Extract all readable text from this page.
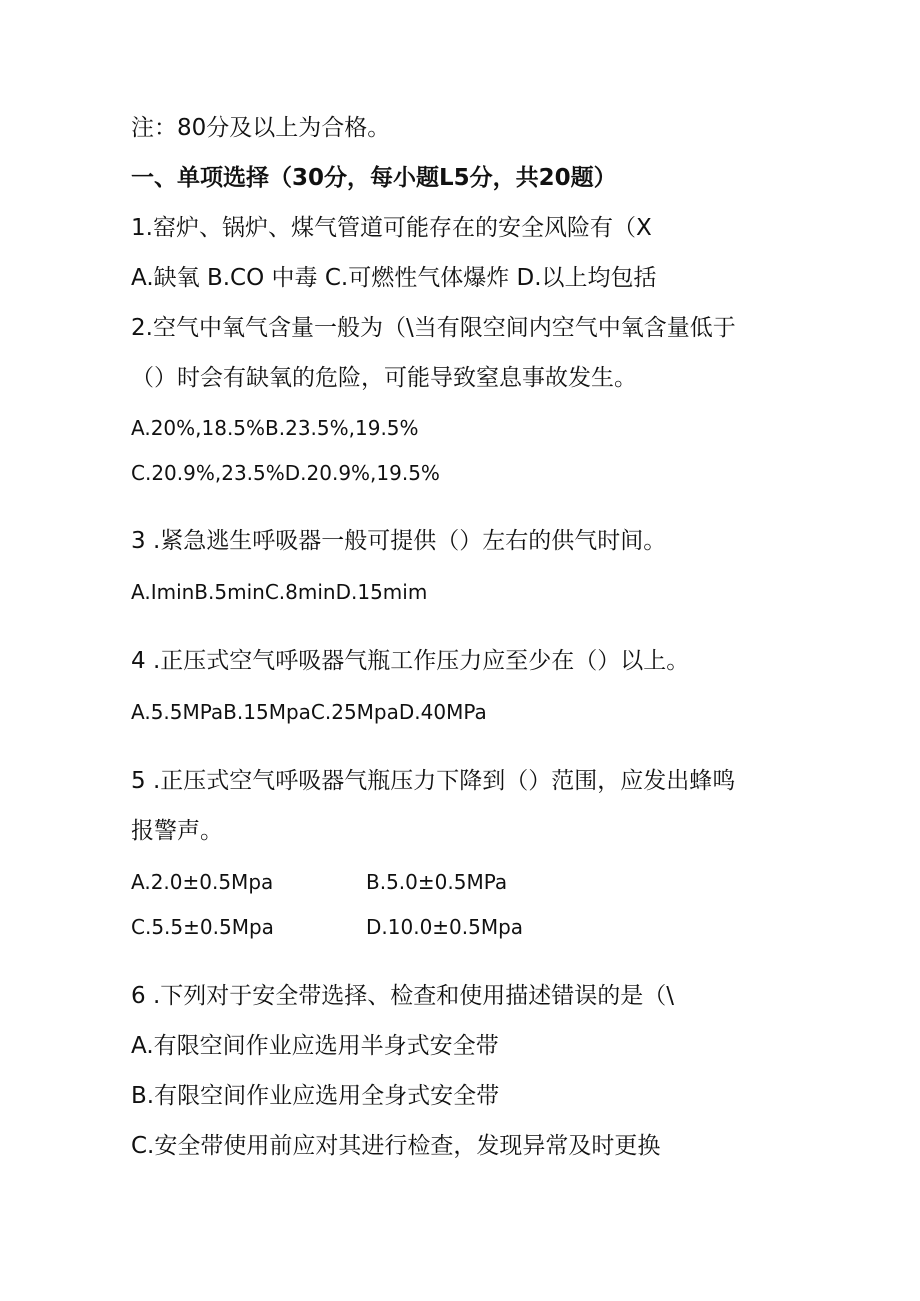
注：80分及以上为合格。
一、单项选择（30分，每小题L5分，共20题）
1.窑炉、锅炉、煤气管道可能存在的安全风险有（X
A.缺氧 B.CO 中毒 C.可燃性气体爆炸 D.以上均包括
2.空气中氧气含量一般为（\当有限空间内空气中氧含量低于
（）时会有缺氧的危险，可能导致窒息事故发生。
A.20%,18.5%B.23.5%,19.5%
C.20.9%,23.5%D.20.9%,19.5%
3 .紧急逃生呼吸器一般可提供（）左右的供气时间。
A.IminB.5minC.8minD.15mim
4 .正压式空气呼吸器气瓶工作压力应至少在（）以上。
A.5.5MPaB.15MpaC.25MpaD.40MPa
5 .正压式空气呼吸器气瓶压力下降到（）范围，应发出蜂鸣
报警声。
A.2.0±0.5Mpa	B.5.0±0.5MPa
C.5.5±0.5Mpa	D.10.0±0.5Mpa
6 .下列对于安全带选择、检查和使用描述错误的是（\
A.有限空间作业应选用半身式安全带
B.有限空间作业应选用全身式安全带
C.安全带使用前应对其进行检查，发现异常及时更换
